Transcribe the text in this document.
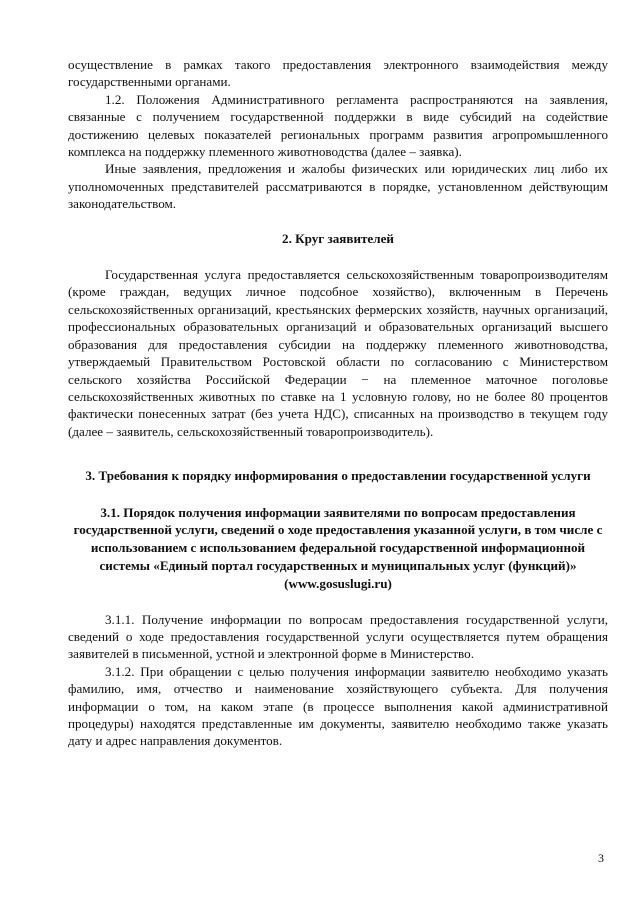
осуществление в рамках такого предоставления электронного взаимодействия между государственными органами.

1.2. Положения Административного регламента распространяются на заявления, связанные с получением государственной поддержки в виде субсидий на содействие достижению целевых показателей региональных программ развития агропромышленного комплекса на поддержку племенного животноводства (далее – заявка).

Иные заявления, предложения и жалобы физических или юридических лиц либо их уполномоченных представителей рассматриваются в порядке, установленном действующим законодательством.

2. Круг заявителей

Государственная услуга предоставляется сельскохозяйственным товаропроизводителям (кроме граждан, ведущих личное подсобное хозяйство), включенным в Перечень сельскохозяйственных организаций, крестьянских фермерских хозяйств, научных организаций, профессиональных образовательных организаций и образовательных организаций высшего образования для предоставления субсидии на поддержку племенного животноводства, утверждаемый Правительством Ростовской области по согласованию с Министерством сельского хозяйства Российской Федерации − на племенное маточное поголовье сельскохозяйственных животных по ставке на 1 условную голову, но не более 80 процентов фактически понесенных затрат (без учета НДС), списанных на производство в текущем году (далее – заявитель, сельскохозяйственный товаропроизводитель).

3. Требования к порядку информирования о предоставлении государственной услуги

3.1. Порядок получения информации заявителями по вопросам предоставления государственной услуги, сведений о ходе предоставления указанной услуги, в том числе с использованием с использованием федеральной государственной информационной системы «Единый портал государственных и муниципальных услуг (функций)» (www.gosuslugi.ru)

3.1.1. Получение информации по вопросам предоставления государственной услуги, сведений о ходе предоставления государственной услуги осуществляется путем обращения заявителей в письменной, устной и электронной форме в Министерство.

3.1.2. При обращении с целью получения информации заявителю необходимо указать фамилию, имя, отчество и наименование хозяйствующего субъекта. Для получения информации о том, на каком этапе (в процессе выполнения какой административной процедуры) находятся представленные им документы, заявителю необходимо также указать дату и адрес направления документов.

3
